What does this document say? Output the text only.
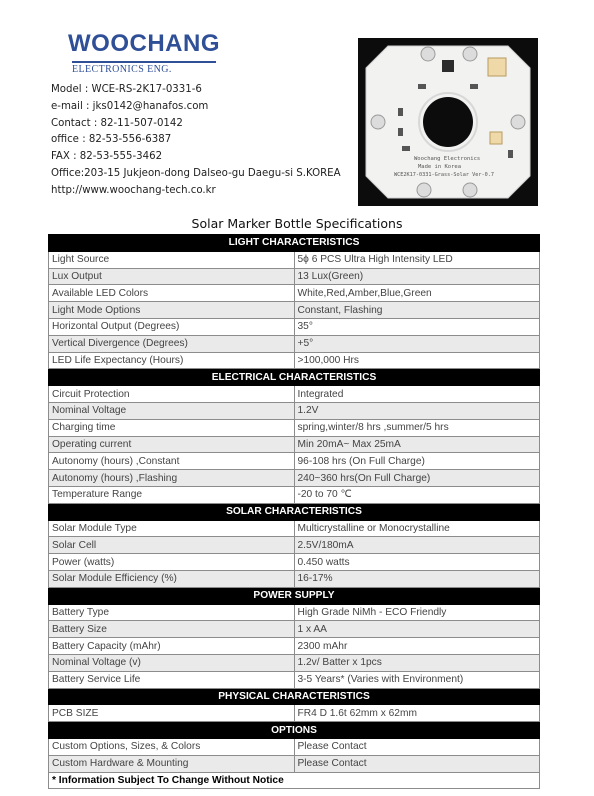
WOOCHANG
ELECTRONICS ENG.
Model : WCE-RS-2K17-0331-6
e-mail : jks0142@hanafos.com
Contact : 82-11-507-0142
office : 82-53-556-6387
FAX : 82-53-555-3462
Office:203-15 Jukjeon-dong Dalseo-gu Daegu-si S.KOREA
http://www.woochang-tech.co.kr
Woochang Electronics
Made in Korea
WCE2K17-0331-Grass-Solar Ver-0.7
Solar Marker Bottle Specifications
LIGHT CHARACTERISTICS	
Light Source	5ϕ 6 PCS Ultra High Intensity LED
Lux Output	13 Lux(Green)
Available LED Colors	White,Red,Amber,Blue,Green
Light Mode Options	Constant, Flashing
Horizontal Output (Degrees)	35°
Vertical Divergence (Degrees)	+5°
LED Life Expectancy (Hours)	>100,000 Hrs
ELECTRICAL CHARACTERISTICS	
Circuit Protection	Integrated
Nominal Voltage	1.2V
Charging time	spring,winter/8 hrs ,summer/5 hrs
Operating current	Min 20mA~ Max 25mA
Autonomy (hours) ,Constant	96-108 hrs (On Full Charge)
Autonomy (hours) ,Flashing	240~360 hrs(On Full Charge)
Temperature Range	-20 to 70 ℃
SOLAR CHARACTERISTICS	
Solar Module Type	Multicrystalline or Monocrystalline
Solar Cell	2.5V/180mA
Power (watts)	0.450 watts
Solar Module Efficiency (%)	16-17%
POWER SUPPLY	
Battery Type	High Grade NiMh - ECO Friendly
Battery Size	1 x AA
Battery Capacity (mAhr)	2300 mAhr
Nominal Voltage (v)	1.2v/ Batter x 1pcs
Battery Service Life	3-5 Years* (Varies with Environment)
PHYSICAL CHARACTERISTICS	
PCB SIZE	FR4 D 1.6t 62mm x 62mm
OPTIONS	
Custom Options, Sizes, & Colors	Please Contact
Custom Hardware & Mounting	Please Contact
* Information Subject To Change Without Notice	
